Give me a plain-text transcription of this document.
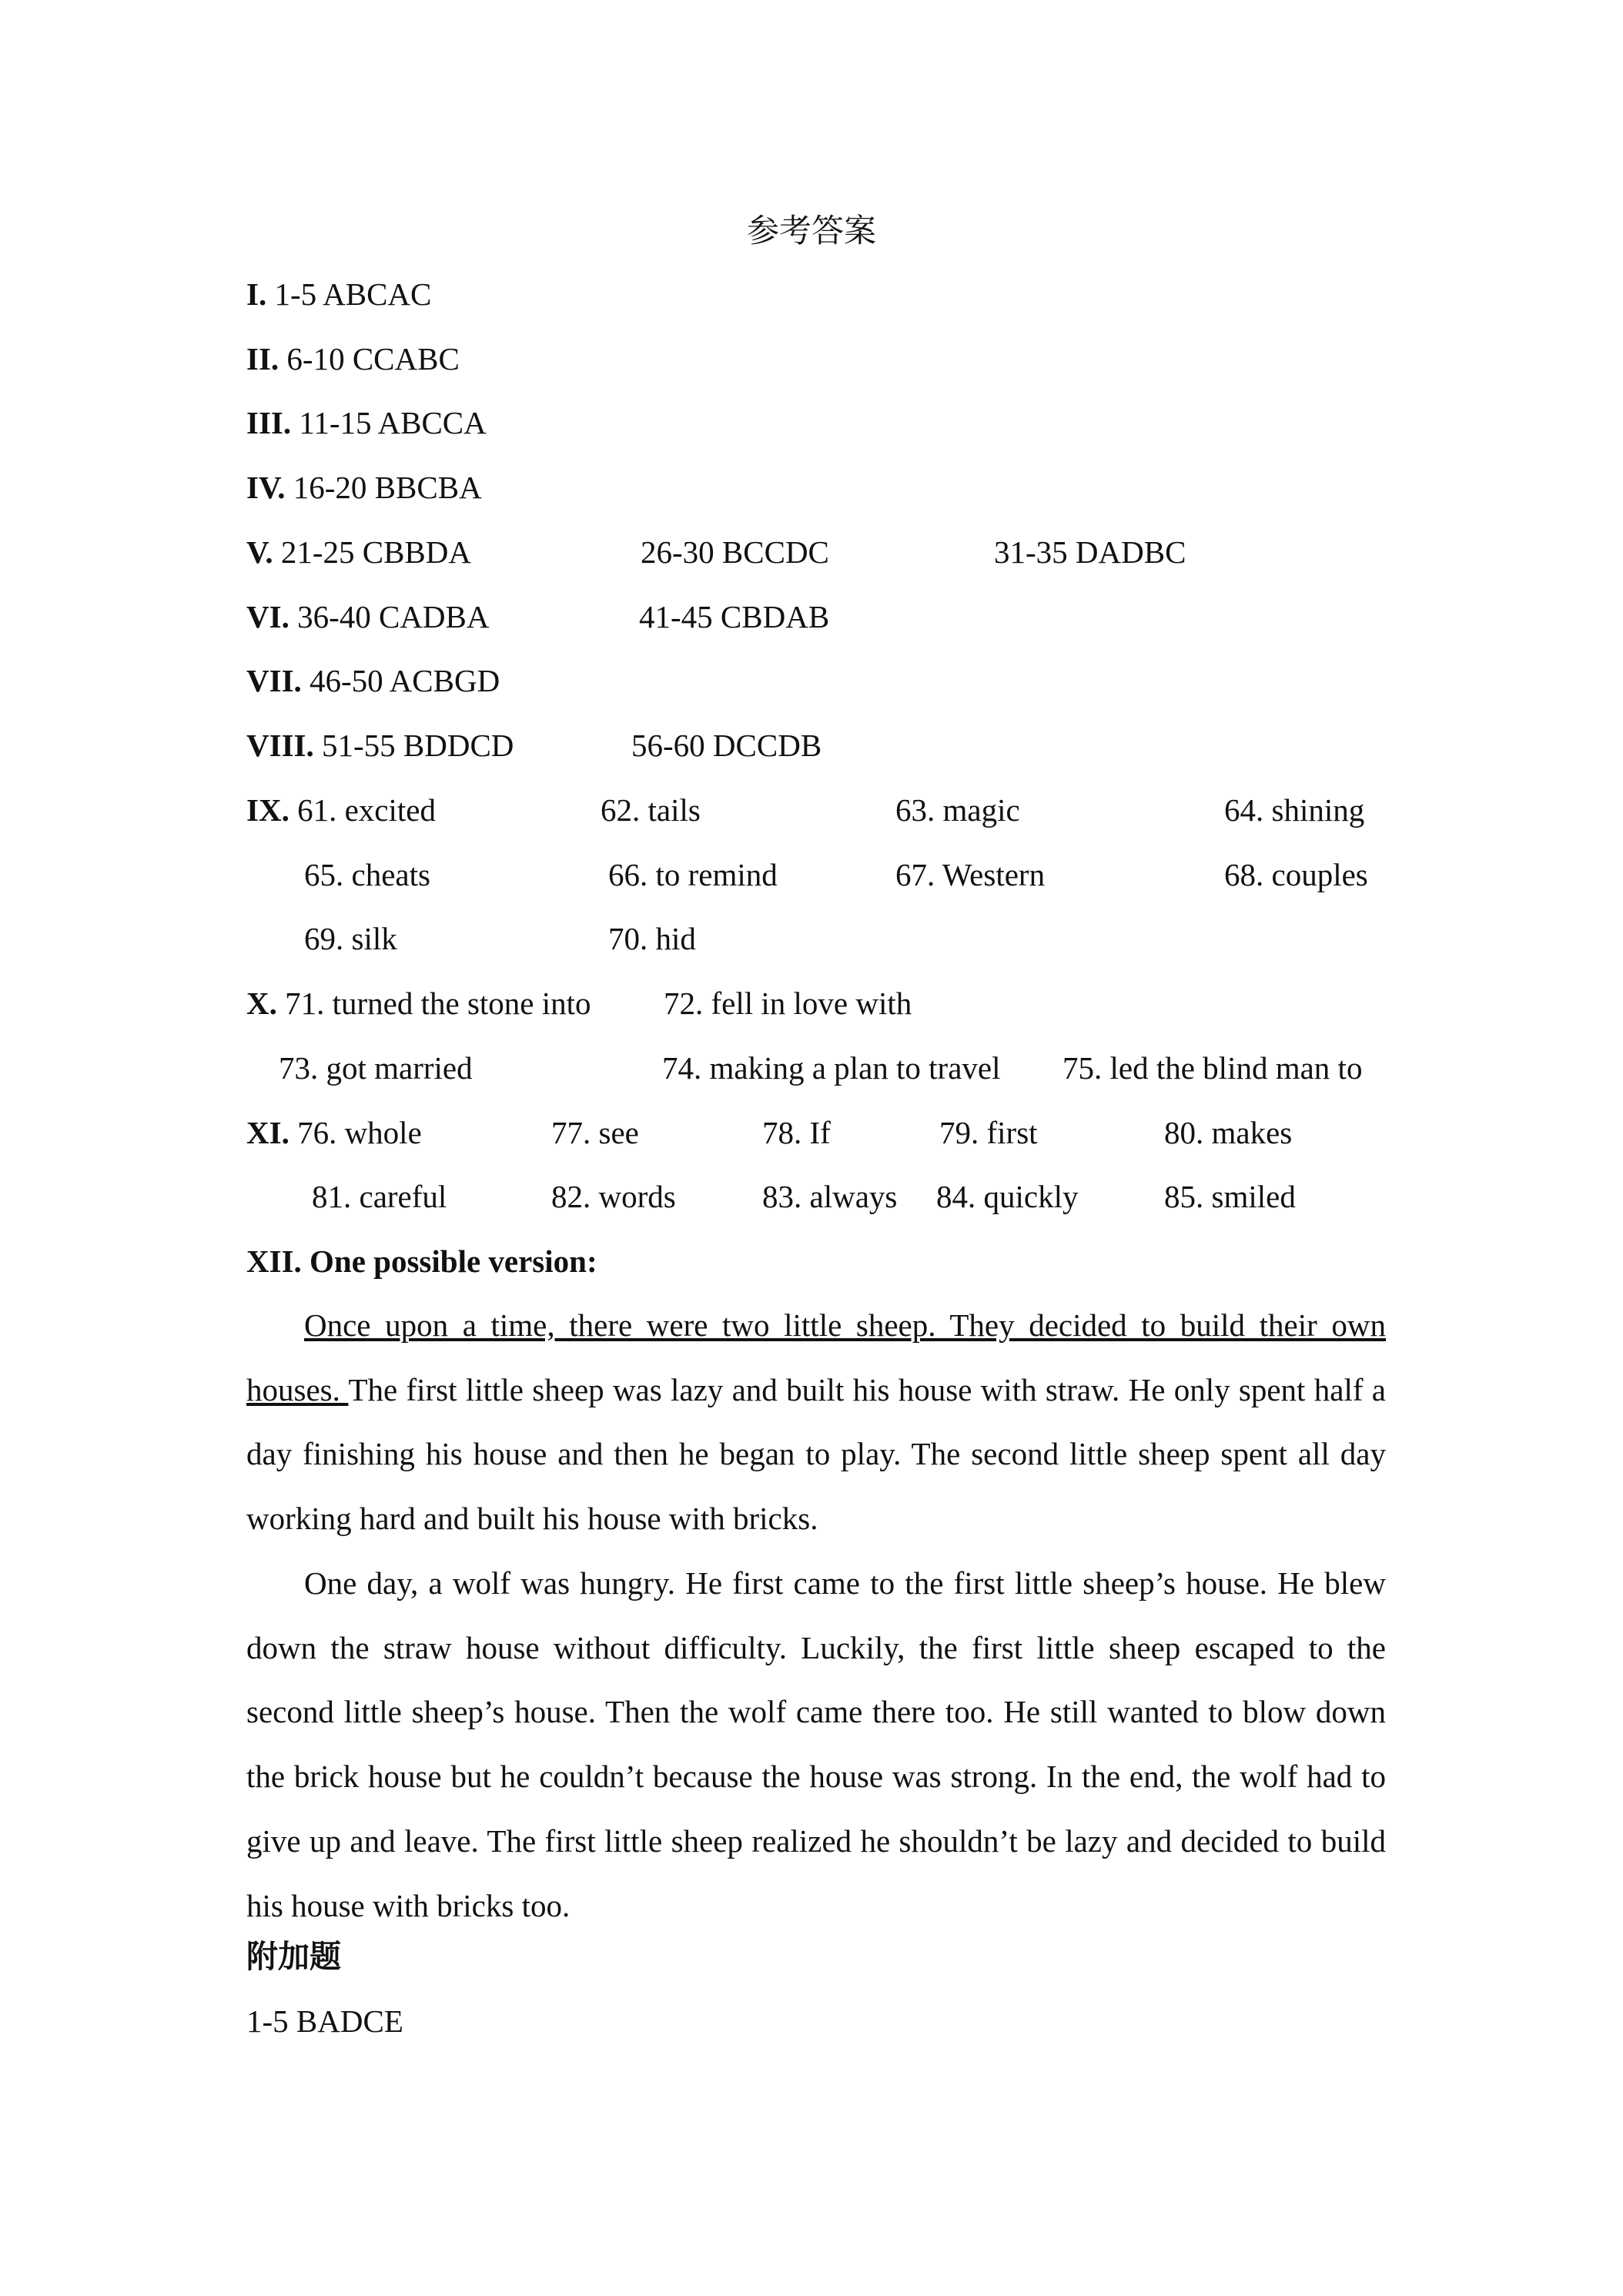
参考答案
I. 1-5 ABCAC
II. 6-10 CCABC
III. 11-15 ABCCA
IV. 16-20 BBCBA
V. 21-25 CBBDA	26-30 BCCDC	31-35 DADBC
VI. 36-40 CADBA	41-45 CBDAB
VII. 46-50 ACBGD
VIII. 51-55 BDDCD	56-60 DCCDB
IX. 61. excited	62. tails	63. magic	64. shining
65. cheats	66. to remind	67. Western	68. couples
69. silk	70. hid
X. 71. turned the stone into 72. fell in love with
73. got married	74. making a plan to travel 75. led the blind man to
XI. 76. whole	77. see	78. If	79. first	80. makes
81. careful	82. words	83. always 84. quickly	85. smiled
XII. One possible version:
Once upon a time, there were two little sheep. They decided to build their own houses. The first little sheep was lazy and built his house with straw. He only spent half a day finishing his house and then he began to play. The second little sheep spent all day working hard and built his house with bricks.
One day, a wolf was hungry. He first came to the first little sheep’s house. He blew down the straw house without difficulty. Luckily, the first little sheep escaped to the second little sheep’s house. Then the wolf came there too. He still wanted to blow down the brick house but he couldn’t because the house was strong. In the end, the wolf had to give up and leave. The first little sheep realized he shouldn’t be lazy and decided to build his house with bricks too.
附加题
1-5 BADCE
